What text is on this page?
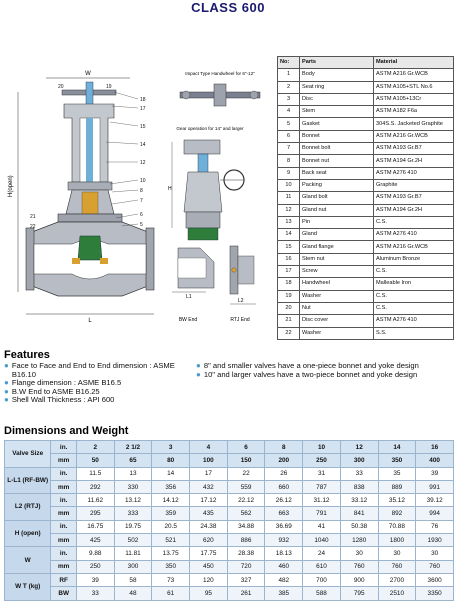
CLASS 600
W
H(open)
L
18
17
15
14
12
10
8
7
6
5
20	19
21
22
Impact Type Handwheel for 6"-12"
Gear operation for 14" and larger
H
L1
BW End
L2
RTJ End
No:	Parts	Material
1	Body	ASTM A216 Gr.WCB
2	Seat ring	ASTM A105+STL No.6
3	Disc	ASTM A105+13Cr
4	Stem	ASTM A182 F6a
5	Gasket	304S.S. Jacketed Graphite
6	Bonnet	ASTM A216 Gr.WCB
7	Bonnet bolt	ASTM A193 Gr.B7
8	Bonnet nut	ASTM A194 Gr.2H
9	Back seat	ASTM A276 410
10	Packing	Graphite
11	Gland bolt	ASTM A193 Gr.B7
12	Gland nut	ASTM A194 Gr.2H
13	Pin	C.S.
14	Gland	ASTM A276 410
15	Gland flange	ASTM A216 Gr.WCB
16	Stem nut	Aluminum Bronze
17	Screw	C.S.
18	Handwheel	Malleable Iron
19	Washer	C.S.
20	Nut	C.S.
21	Disc cover	ASTM A276 410
22	Washer	S.S.
Features
● Face to Face and End to End dimension : ASME B16.10
● Flange dimension : ASME B16.5
● B.W End to ASME B16.25
● Shell Wall Thickness : API 600
● 8" and smaller valves have a one-piece bonnet and yoke design
● 10" and larger valves have a two-piece bonnet and yoke design
Dimensions and Weight
Valve Size	in.	2	2 1/2	3	4	6	8	10	12	14	16
	mm	50	65	80	100	150	200	250	300	350	400
L-L1 (RF-BW)	in.	11.5	13	14	17	22	26	31	33	35	39
	mm	292	330	356	432	559	660	787	838	889	991
L2 (RTJ)	in.	11.62	13.12	14.12	17.12	22.12	26.12	31.12	33.12	35.12	39.12
	mm	295	333	359	435	562	663	791	841	892	994
H (open)	in.	16.75	19.75	20.5	24.38	34.88	36.69	41	50.38	70.88	76
	mm	425	502	521	620	886	932	1040	1280	1800	1930
W	in.	9.88	11.81	13.75	17.75	28.38	18.13	24	30	30	30
	mm	250	300	350	450	720	460	610	760	760	760
W T (kg)	RF	39	58	73	120	327	482	700	900	2700	3600
	BW	33	48	61	95	261	385	588	795	2510	3350
